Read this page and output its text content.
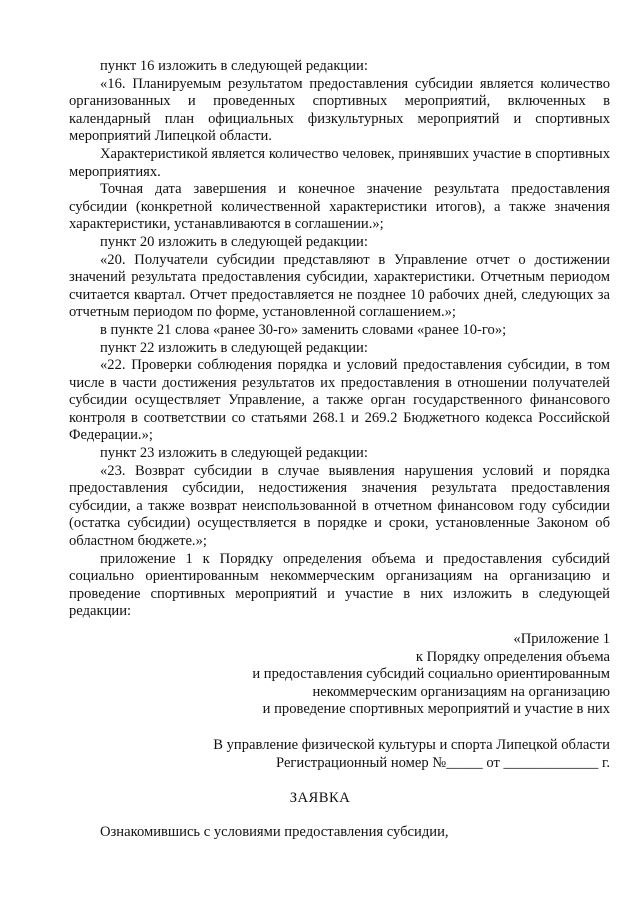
пункт 16 изложить в следующей редакции:

«16. Планируемым результатом предоставления субсидии является количество организованных и проведенных спортивных мероприятий, включенных в календарный план официальных физкультурных мероприятий и спортивных мероприятий Липецкой области.

Характеристикой является количество человек, принявших участие в спортивных мероприятиях.

Точная дата завершения и конечное значение результата предоставления субсидии (конкретной количественной характеристики итогов), а также значения характеристики, устанавливаются в соглашении.»;

пункт 20 изложить в следующей редакции:

«20. Получатели субсидии представляют в Управление отчет о достижении значений результата предоставления субсидии, характеристики. Отчетным периодом считается квартал. Отчет предоставляется не позднее 10 рабочих дней, следующих за отчетным периодом по форме, установленной соглашением.»;

в пункте 21 слова «ранее 30-го» заменить словами «ранее 10-го»;

пункт 22 изложить в следующей редакции:

«22. Проверки соблюдения порядка и условий предоставления субсидии, в том числе в части достижения результатов их предоставления в отношении получателей субсидии осуществляет Управление, а также орган государственного финансового контроля в соответствии со статьями 268.1 и 269.2 Бюджетного кодекса Российской Федерации.»;

пункт 23 изложить в следующей редакции:

«23. Возврат субсидии в случае выявления нарушения условий и порядка предоставления субсидии, недостижения значения результата предоставления субсидии, а также возврат неиспользованной в отчетном финансовом году субсидии (остатка субсидии) осуществляется в порядке и сроки, установленные Законом об областном бюджете.»;

приложение 1 к Порядку определения объема и предоставления субсидий социально ориентированным некоммерческим организациям на организацию и проведение спортивных мероприятий и участие в них изложить в следующей редакции:

«Приложение 1
к Порядку определения объема
и предоставления субсидий социально ориентированным
некоммерческим организациям на организацию
и проведение спортивных мероприятий и участие в них
В управление физической культуры и спорта Липецкой области
Регистрационный номер №_____ от _____________ г.
ЗАЯВКА
Ознакомившись с условиями предоставления субсидии,
